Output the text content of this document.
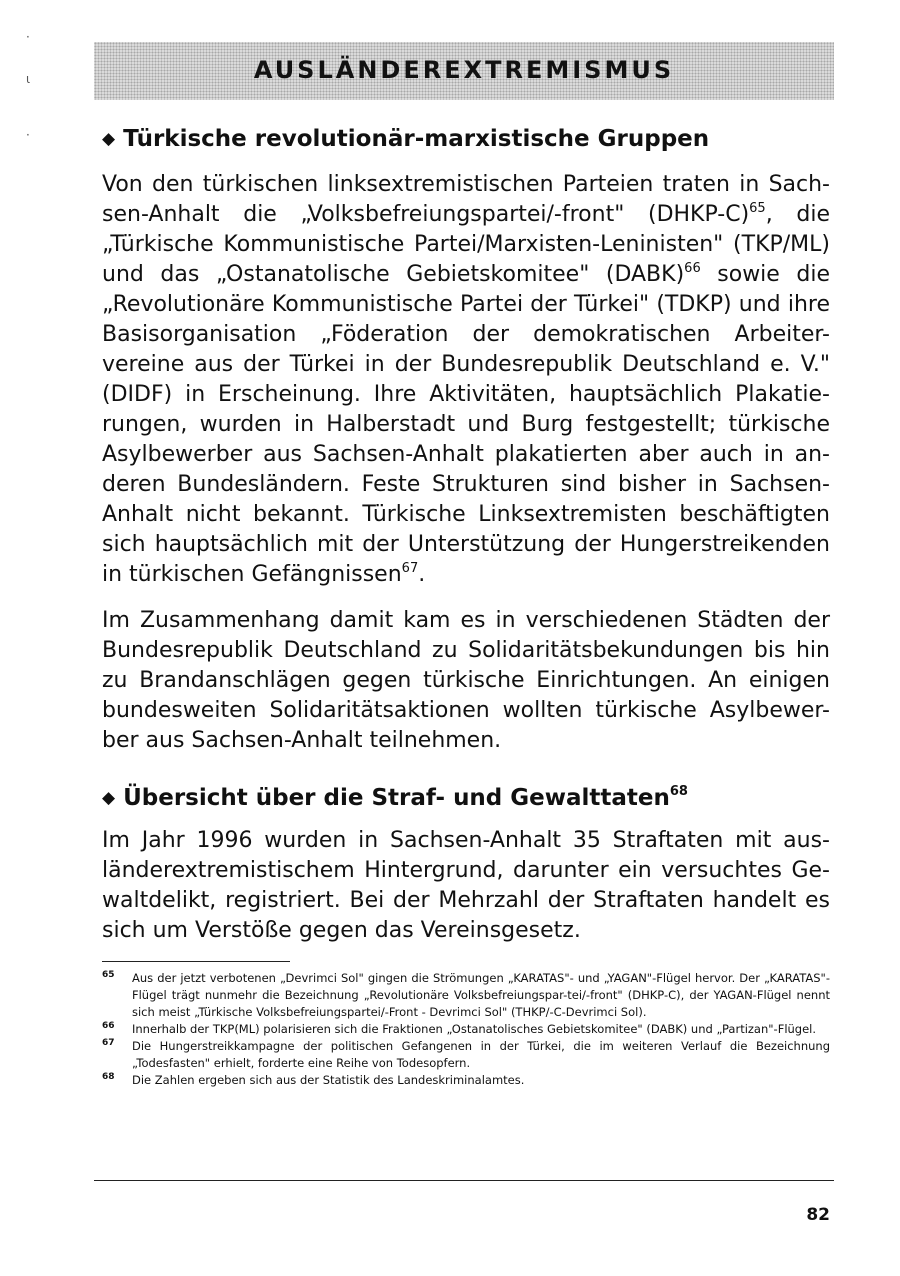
AUSLÄNDEREXTREMISMUS
·

ι

·	◆ Türkische revolutionär-marxistische Gruppen
Von den türkischen linksextremistischen Parteien traten in Sach-sen-Anhalt die „Volksbefreiungspartei/-front" (DHKP-C)$^{65}$, die „Türkische Kommunistische Partei/Marxisten-Leninisten" (TKP/ML) und das „Ostanatolische Gebietskomitee" (DABK)$^{66}$ sowie die „Revolutionäre Kommunistische Partei der Türkei" (TDKP) und ihre Basisorganisation „Föderation der demokratischen Arbeiter-vereine aus der Türkei in der Bundesrepublik Deutschland e. V." (DIDF) in Erscheinung. Ihre Aktivitäten, hauptsächlich Plakatie-rungen, wurden in Halberstadt und Burg festgestellt; türkische Asylbewerber aus Sachsen-Anhalt plakatierten aber auch in an-deren Bundesländern. Feste Strukturen sind bisher in Sachsen-Anhalt nicht bekannt. Türkische Linksextremisten beschäftigten sich hauptsächlich mit der Unterstützung der Hungerstreikenden in türkischen Gefängnissen$^{67}$.
Im Zusammenhang damit kam es in verschiedenen Städten der Bundesrepublik Deutschland zu Solidaritätsbekundungen bis hin zu Brandanschlägen gegen türkische Einrichtungen. An einigen bundesweiten Solidaritätsaktionen wollten türkische Asylbewer-ber aus Sachsen-Anhalt teilnehmen.
◆ Übersicht über die Straf- und Gewalttaten$^{68}$
Im Jahr 1996 wurden in Sachsen-Anhalt 35 Straftaten mit aus-länderextremistischem Hintergrund, darunter ein versuchtes Ge-waltdelikt, registriert. Bei der Mehrzahl der Straftaten handelt es sich um Verstöße gegen das Vereinsgesetz.
65 Aus der jetzt verbotenen „Devrimci Sol" gingen die Strömungen „KARATAS"- und „YAGAN"-Flügel hervor. Der „KARATAS"-Flügel trägt nunmehr die Bezeichnung „Revolutionäre Volksbefreiungspar-tei/-front" (DHKP-C), der YAGAN-Flügel nennt sich meist „Türkische Volksbefreiungspartei/-Front - Devrimci Sol" (THKP/-C-Devrimci Sol).
66 Innerhalb der TKP(ML) polarisieren sich die Fraktionen „Ostanatolisches Gebietskomitee" (DABK) und „Partizan"-Flügel.
67 Die Hungerstreikkampagne der politischen Gefangenen in der Türkei, die im weiteren Verlauf die Bezeichnung „Todesfasten" erhielt, forderte eine Reihe von Todesopfern.
68 Die Zahlen ergeben sich aus der Statistik des Landeskriminalamtes.
82
